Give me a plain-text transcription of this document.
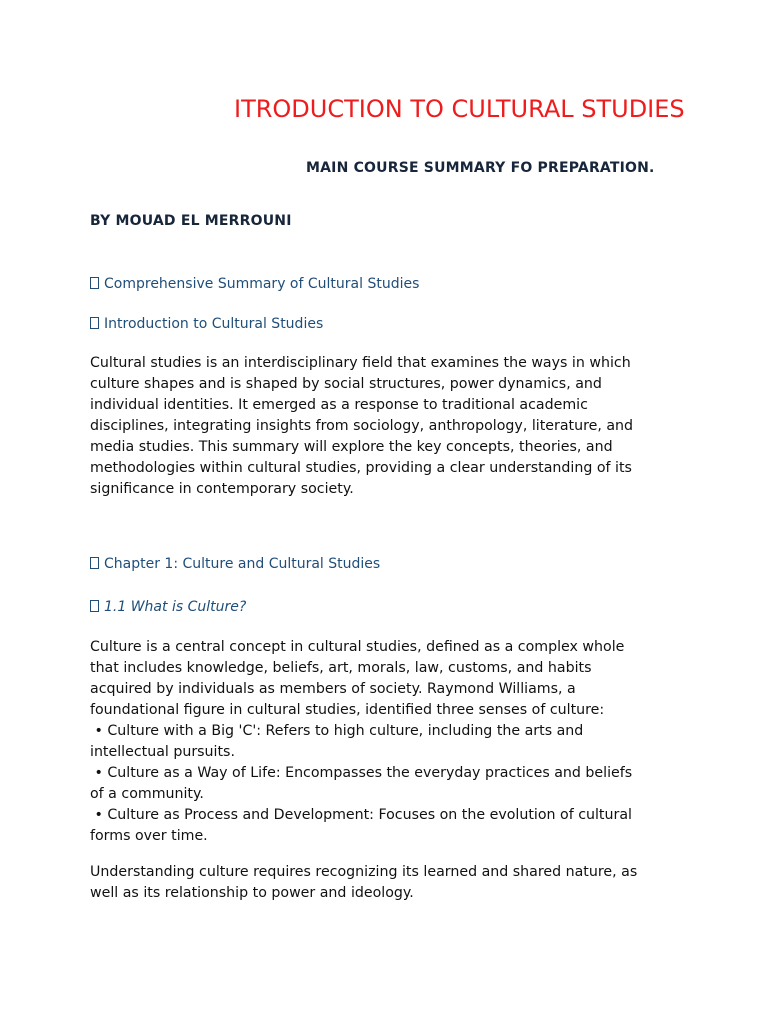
ITRODUCTION TO CULTURAL STUDIES

MAIN COURSE SUMMARY FO PREPARATION.

BY MOUAD EL MERROUNI

Comprehensive Summary of Cultural Studies

Introduction to Cultural Studies

Cultural studies is an interdisciplinary field that examines the ways in which
culture shapes and is shaped by social structures, power dynamics, and
individual identities. It emerged as a response to traditional academic
disciplines, integrating insights from sociology, anthropology, literature, and
media studies. This summary will explore the key concepts, theories, and
methodologies within cultural studies, providing a clear understanding of its
significance in contemporary society.

Chapter 1: Culture and Cultural Studies

1.1 What is Culture?

Culture is a central concept in cultural studies, defined as a complex whole
that includes knowledge, beliefs, art, morals, law, customs, and habits
acquired by individuals as members of society. Raymond Williams, a
foundational figure in cultural studies, identified three senses of culture:
• Culture with a Big 'C': Refers to high culture, including the arts and
intellectual pursuits.
• Culture as a Way of Life: Encompasses the everyday practices and beliefs
of a community.
• Culture as Process and Development: Focuses on the evolution of cultural
forms over time.
Understanding culture requires recognizing its learned and shared nature, as
well as its relationship to power and ideology.
